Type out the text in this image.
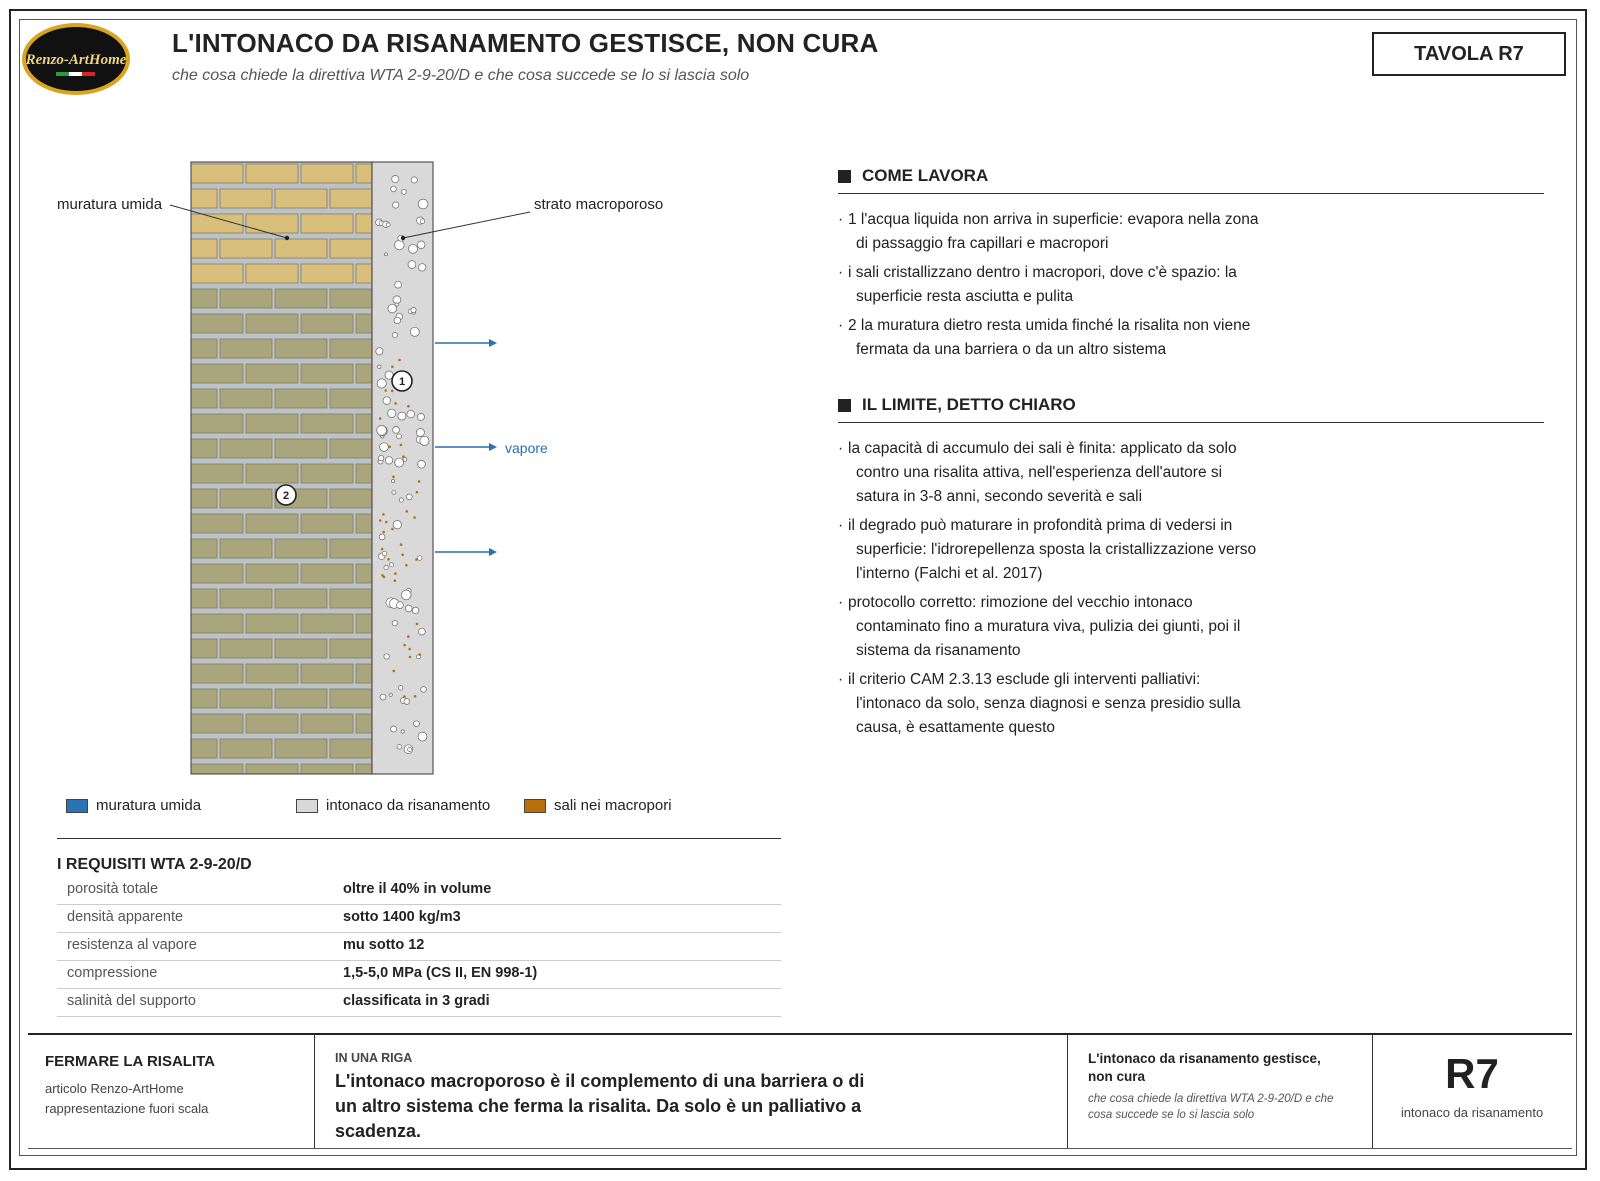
Renzo-ArtHome
L'INTONACO DA RISANAMENTO GESTISCE, NON CURA
che cosa chiede la direttiva WTA 2-9-20/D e che cosa succede se lo si lascia solo
TAVOLA R7
1
2
muratura umida	strato macroporoso
vapore
muratura umida	intonaco da risanamento	sali nei macropori
I REQUISITI WTA 2-9-20/D
porosità totale	oltre il 40% in volume
densità apparente	sotto 1400 kg/m3
resistenza al vapore	mu sotto 12
compressione	1,5-5,0 MPa (CS II, EN 998-1)
salinità del supporto	classificata in 3 gradi
COME LAVORA
· 1 l'acqua liquida non arriva in superficie: evapora nella zona di passaggio fra capillari e macropori
· i sali cristallizzano dentro i macropori, dove c'è spazio: la superficie resta asciutta e pulita
· 2 la muratura dietro resta umida finché la risalita non viene fermata da una barriera o da un altro sistema
IL LIMITE, DETTO CHIARO
· la capacità di accumulo dei sali è finita: applicato da solo contro una risalita attiva, nell'esperienza dell'autore si satura in 3-8 anni, secondo severità e sali
· il degrado può maturare in profondità prima di vedersi in superficie: l'idrorepellenza sposta la cristallizzazione verso l'interno (Falchi et al. 2017)
· protocollo corretto: rimozione del vecchio intonaco contaminato fino a muratura viva, pulizia dei giunti, poi il sistema da risanamento
· il criterio CAM 2.3.13 esclude gli interventi palliativi: l'intonaco da solo, senza diagnosi e senza presidio sulla causa, è esattamente questo
FERMARE LA RISALITA
articolo Renzo-ArtHome
rappresentazione fuori scala
IN UNA RIGA
L'intonaco macroporoso è il complemento di una barriera o di un altro sistema che ferma la risalita. Da solo è un palliativo a scadenza.
L'intonaco da risanamento gestisce, non cura
che cosa chiede la direttiva WTA 2-9-20/D e che cosa succede se lo si lascia solo
R7
intonaco da risanamento
